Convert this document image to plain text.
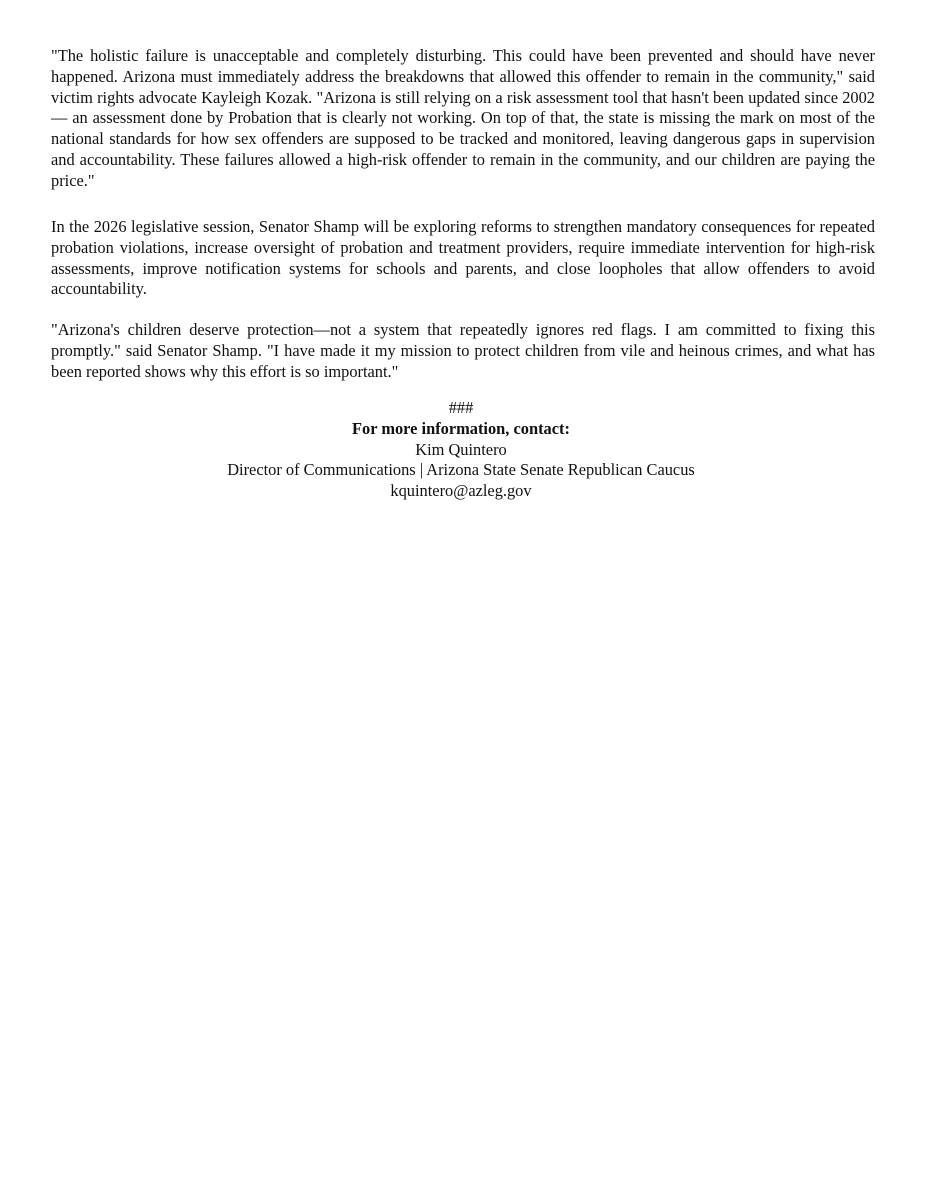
"The holistic failure is unacceptable and completely disturbing. This could have been prevented and should have never happened. Arizona must immediately address the breakdowns that allowed this offender to remain in the community," said victim rights advocate Kayleigh Kozak. "Arizona is still relying on a risk assessment tool that hasn't been updated since 2002 — an assessment done by Probation that is clearly not working. On top of that, the state is missing the mark on most of the national standards for how sex offenders are supposed to be tracked and monitored, leaving dangerous gaps in supervision and accountability. These failures allowed a high-risk offender to remain in the community, and our children are paying the price."

In the 2026 legislative session, Senator Shamp will be exploring reforms to strengthen mandatory consequences for repeated probation violations, increase oversight of probation and treatment providers, require immediate intervention for high-risk assessments, improve notification systems for schools and parents, and close loopholes that allow offenders to avoid accountability.

"Arizona's children deserve protection—not a system that repeatedly ignores red flags. I am committed to fixing this promptly." said Senator Shamp. "I have made it my mission to protect children from vile and heinous crimes, and what has been reported shows why this effort is so important."

###
For more information, contact:
Kim Quintero
Director of Communications | Arizona State Senate Republican Caucus
kquintero@azleg.gov
